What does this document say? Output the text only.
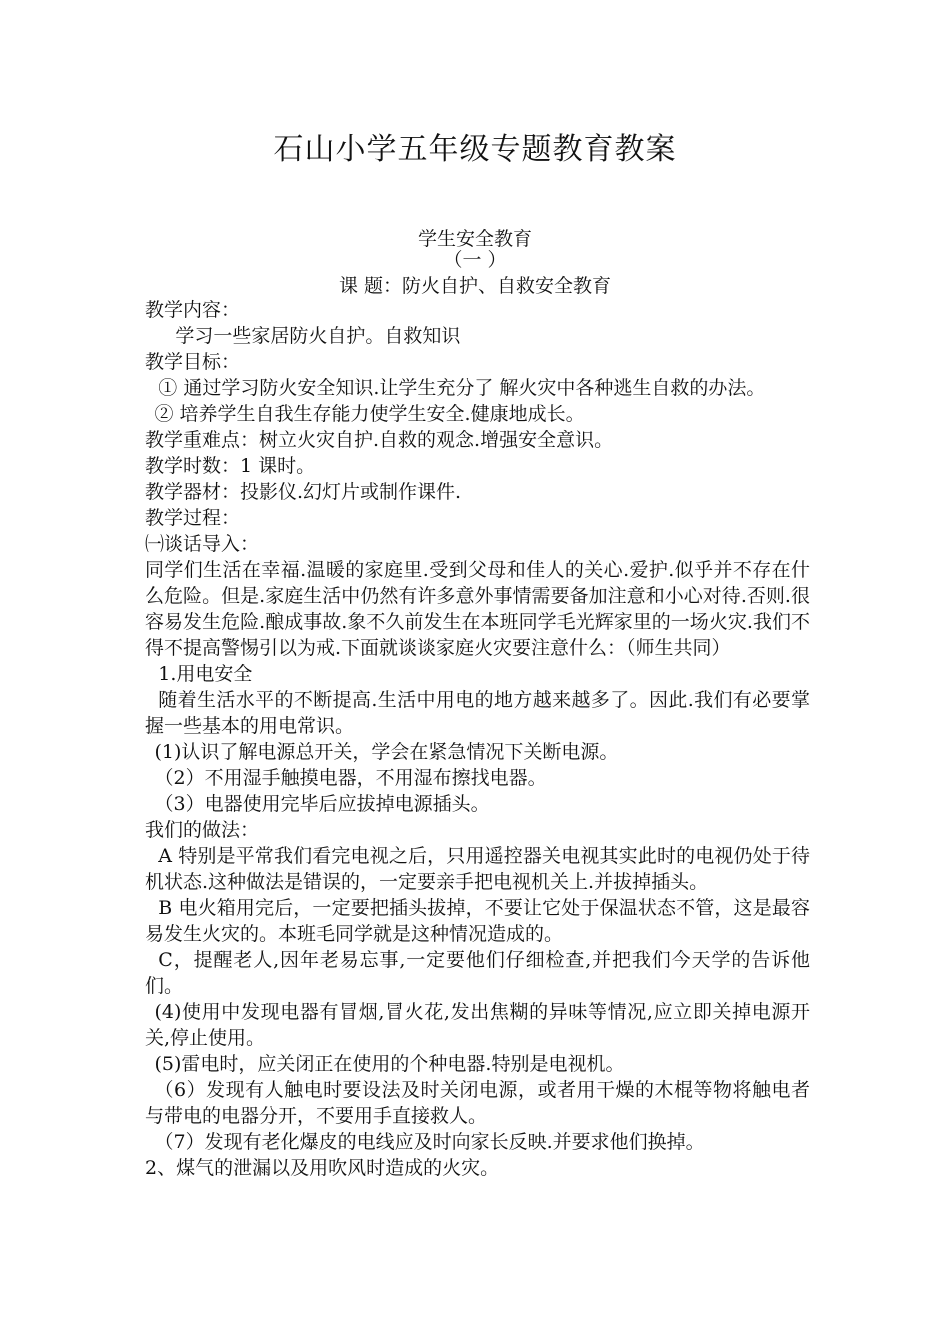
石山小学五年级专题教育教案
学生安全教育
（一 ）
课 题：防火自护、自救安全教育

教学内容：

学习一些家居防火自护。自救知识

教学目标：

① 通过学习防火安全知识.让学生充分了 解火灾中各种逃生自救的办法。

② 培养学生自我生存能力使学生安全.健康地成长。

教学重难点：树立火灾自护.自救的观念.增强安全意识。

教学时数：1 课时。

教学器材：投影仪.幻灯片或制作课件.

教学过程：

㈠谈话导入：

同学们生活在幸福.温暖的家庭里.受到父母和佳人的关心.爱护.似乎并不存在什么危险。但是.家庭生活中仍然有许多意外事情需要备加注意和小心对待.否则.很容易发生危险.酿成事故.象不久前发生在本班同学毛光辉家里的一场火灾.我们不得不提高警惕引以为戒.下面就谈谈家庭火灾要注意什么：（师生共同）

1.用电安全

随着生活水平的不断提高.生活中用电的地方越来越多了。因此.我们有必要掌握一些基本的用电常识。

(1)认识了解电源总开关，学会在紧急情况下关断电源。

（2）不用湿手触摸电器，不用湿布擦找电器。

（3）电器使用完毕后应拔掉电源插头。

我们的做法：

A 特别是平常我们看完电视之后，只用遥控器关电视其实此时的电视仍处于待机状态.这种做法是错误的，一定要亲手把电视机关上.并拔掉插头。

B 电火箱用完后，一定要把插头拔掉，不要让它处于保温状态不管，这是最容易发生火灾的。本班毛同学就是这种情况造成的。

C，提醒老人,因年老易忘事,一定要他们仔细检查,并把我们今天学的告诉他们。

(4)使用中发现电器有冒烟,冒火花,发出焦糊的异味等情况,应立即关掉电源开关,停止使用。

(5)雷电时，应关闭正在使用的个种电器.特别是电视机。

（6）发现有人触电时要设法及时关闭电源，或者用干燥的木棍等物将触电者与带电的电器分开，不要用手直接救人。

（7）发现有老化爆皮的电线应及时向家长反映.并要求他们换掉。

2、煤气的泄漏以及用吹风时造成的火灾。
